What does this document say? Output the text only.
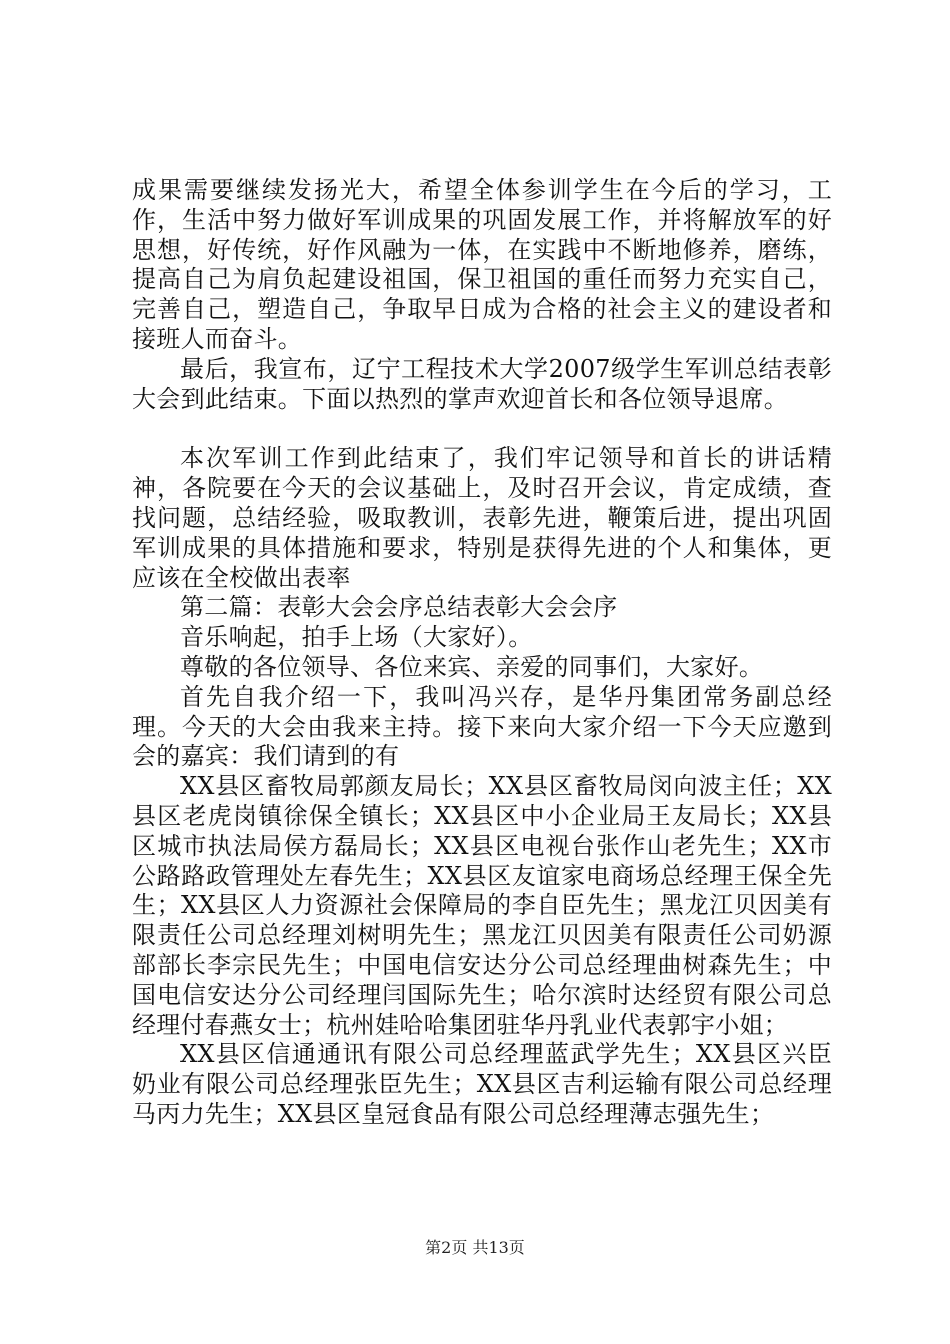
成果需要继续发扬光大，希望全体参训学生在今后的学习，工作，生活中努力做好军训成果的巩固发展工作，并将解放军的好思想，好传统，好作风融为一体，在实践中不断地修养，磨练，提高自己为肩负起建设祖国，保卫祖国的重任而努力充实自己，完善自己，塑造自己，争取早日成为合格的社会主义的建设者和接班人而奋斗。

最后，我宣布，辽宁工程技术大学2007级学生军训总结表彰大会到此结束。下面以热烈的掌声欢迎首长和各位领导退席。

本次军训工作到此结束了，我们牢记领导和首长的讲话精神，各院要在今天的会议基础上，及时召开会议，肯定成绩，查找问题，总结经验，吸取教训，表彰先进，鞭策后进，提出巩固军训成果的具体措施和要求，特别是获得先进的个人和集体，更应该在全校做出表率

第二篇：表彰大会会序总结表彰大会会序

音乐响起，拍手上场（大家好）。

尊敬的各位领导、各位来宾、亲爱的同事们，大家好。

首先自我介绍一下，我叫冯兴存，是华丹集团常务副总经理。今天的大会由我来主持。接下来向大家介绍一下今天应邀到会的嘉宾：我们请到的有

XX县区畜牧局郭颜友局长；XX县区畜牧局闵向波主任；XX县区老虎岗镇徐保全镇长；XX县区中小企业局王友局长；XX县区城市执法局侯方磊局长；XX县区电视台张作山老先生；XX市公路路政管理处左春先生；XX县区友谊家电商场总经理王保全先生；XX县区人力资源社会保障局的李自臣先生；黑龙江贝因美有限责任公司总经理刘树明先生；黑龙江贝因美有限责任公司奶源部部长李宗民先生；中国电信安达分公司总经理曲树森先生；中国电信安达分公司经理闫国际先生；哈尔滨时达经贸有限公司总经理付春燕女士；杭州娃哈哈集团驻华丹乳业代表郭宇小姐；

XX县区信通通讯有限公司总经理蓝武学先生；XX县区兴臣奶业有限公司总经理张臣先生；XX县区吉利运输有限公司总经理马丙力先生；XX县区皇冠食品有限公司总经理薄志强先生；

第2页 共13页
